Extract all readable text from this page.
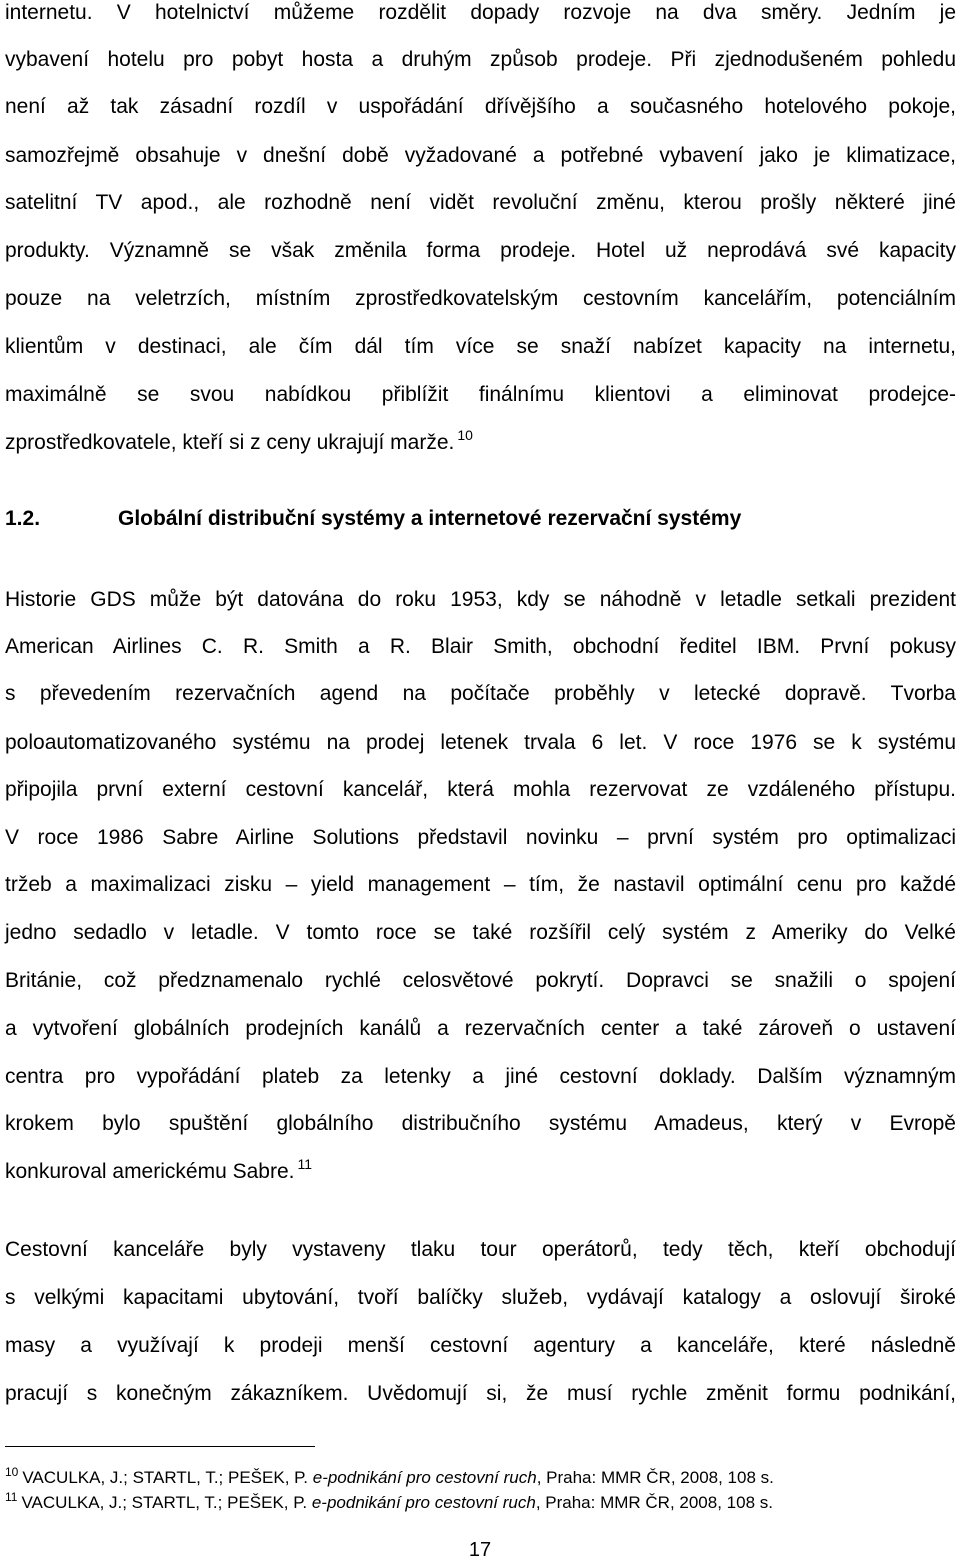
internetu. V hotelnictví můžeme rozdělit dopady rozvoje na dva směry. Jedním je
vybavení hotelu pro pobyt hosta a druhým způsob prodeje. Při zjednodušeném pohledu
není až tak zásadní rozdíl v uspořádání dřívějšího a současného hotelového pokoje,
samozřejmě obsahuje v dnešní době vyžadované a potřebné vybavení jako je klimatizace,
satelitní TV apod., ale rozhodně není vidět revoluční změnu, kterou prošly některé jiné
produkty. Významně se však změnila forma prodeje. Hotel už neprodává své kapacity
pouze na veletrzích, místním zprostředkovatelským cestovním kancelářím, potenciálním
klientům v destinaci, ale čím dál tím více se snaží nabízet kapacity na internetu,
maximálně se svou nabídkou přiblížit finálnímu klientovi a eliminovat prodejce-
zprostředkovatele, kteří si z ceny ukrajují marže. $^{10}$
1.2.	Globální distribuční systémy a internetové rezervační systémy
Historie GDS může být datována do roku 1953, kdy se náhodně v letadle setkali prezident
American Airlines C. R. Smith a R. Blair Smith, obchodní ředitel IBM. První pokusy
s převedením rezervačních agend na počítače proběhly v letecké dopravě. Tvorba
poloautomatizovaného systému na prodej letenek trvala 6 let. V roce 1976 se k systému
připojila první externí cestovní kancelář, která mohla rezervovat ze vzdáleného přístupu.
V roce 1986 Sabre Airline Solutions představil novinku – první systém pro optimalizaci
tržeb a maximalizaci zisku – yield management – tím, že nastavil optimální cenu pro každé
jedno sedadlo v letadle. V tomto roce se také rozšířil celý systém z Ameriky do Velké
Británie, což předznamenalo rychlé celosvětové pokrytí. Dopravci se snažili o spojení
a vytvoření globálních prodejních kanálů a rezervačních center a také zároveň o ustavení
centra pro vypořádání plateb za letenky a jiné cestovní doklady. Dalším významným
krokem bylo spuštění globálního distribučního systému Amadeus, který v Evropě
konkuroval americkému Sabre. $^{11}$
Cestovní kanceláře byly vystaveny tlaku tour operátorů, tedy těch, kteří obchodují
s velkými kapacitami ubytování, tvoří balíčky služeb, vydávají katalogy a oslovují široké
masy a využívají k prodeji menší cestovní agentury a kanceláře, které následně
pracují s konečným zákazníkem. Uvědomují si, že musí rychle změnit formu podnikání,
$^{10}$ VACULKA, J.; STARTL, T.; PEŠEK, P. e-podnikání pro cestovní ruch, Praha: MMR ČR, 2008, 108 s.
$^{11}$ VACULKA, J.; STARTL, T.; PEŠEK, P. e-podnikání pro cestovní ruch, Praha: MMR ČR, 2008, 108 s.
17
